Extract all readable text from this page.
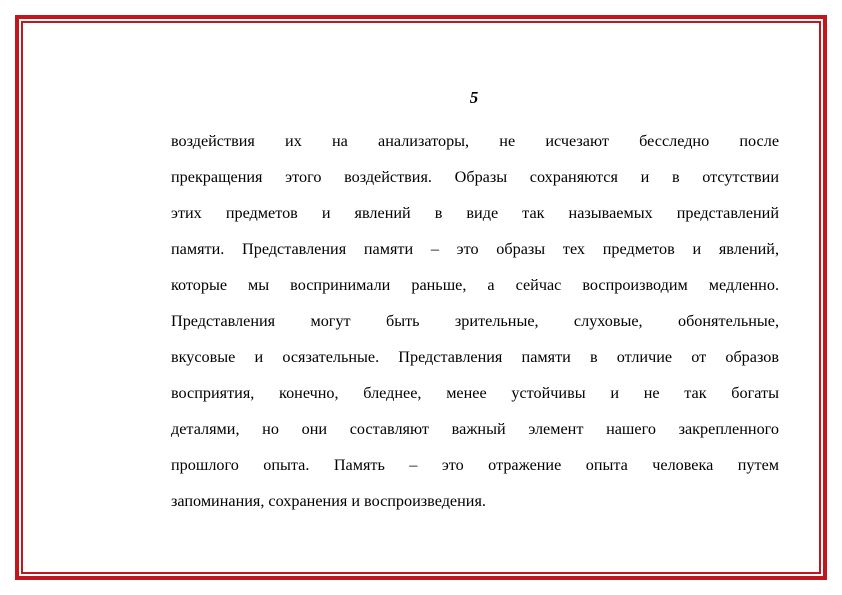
5
воздействия их на анализаторы, не исчезают бесследно после
прекращения этого воздействия. Образы сохраняются и в отсутствии
этих предметов и явлений в виде так называемых представлений
памяти. Представления памяти – это образы тех предметов и явлений,
которые мы воспринимали раньше, а сейчас воспроизводим медленно.
Представления могут быть зрительные, слуховые, обонятельные,
вкусовые и осязательные. Представления памяти в отличие от образов
восприятия, конечно, бледнее, менее устойчивы и не так богаты
деталями, но они составляют важный элемент нашего закрепленного
прошлого опыта. Память – это отражение опыта человека путем
запоминания, сохранения и воспроизведения.
